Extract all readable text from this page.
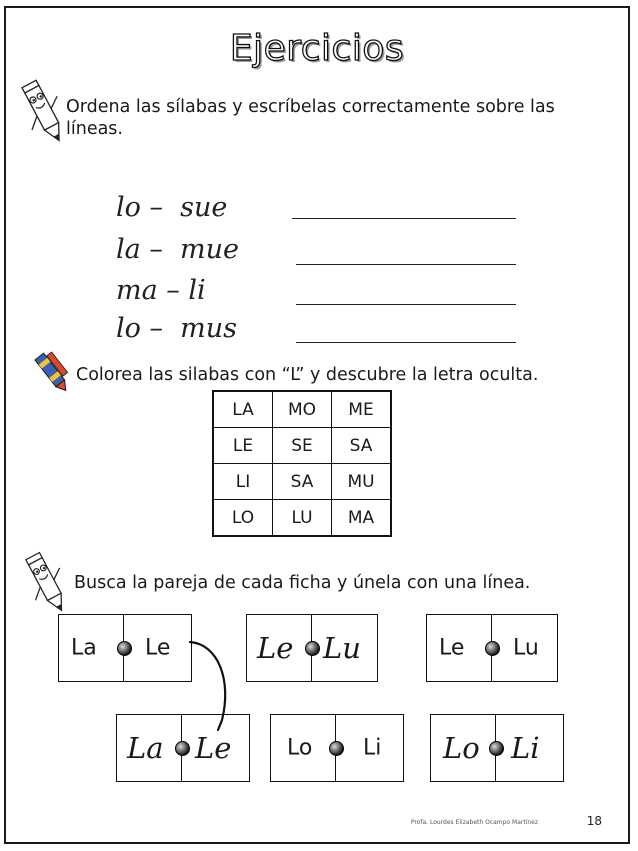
Ejercicios
Ordena las sílabas y escríbelas correctamente sobre las líneas.
lo –  sue
la –  mue
ma – li
lo –  mus
Colorea las silabas con “L” y descubre la letra oculta.
LA	MO	ME
LE	SE	SA
LI	SA	MU
LO	LU	MA
Busca la pareja de cada ficha y únela con una línea.
La Le	Le Lu	Le Lu
La Le	Lo Li Lo Li
Profa. Lourdes Elizabeth Ocampo Martínez	18
